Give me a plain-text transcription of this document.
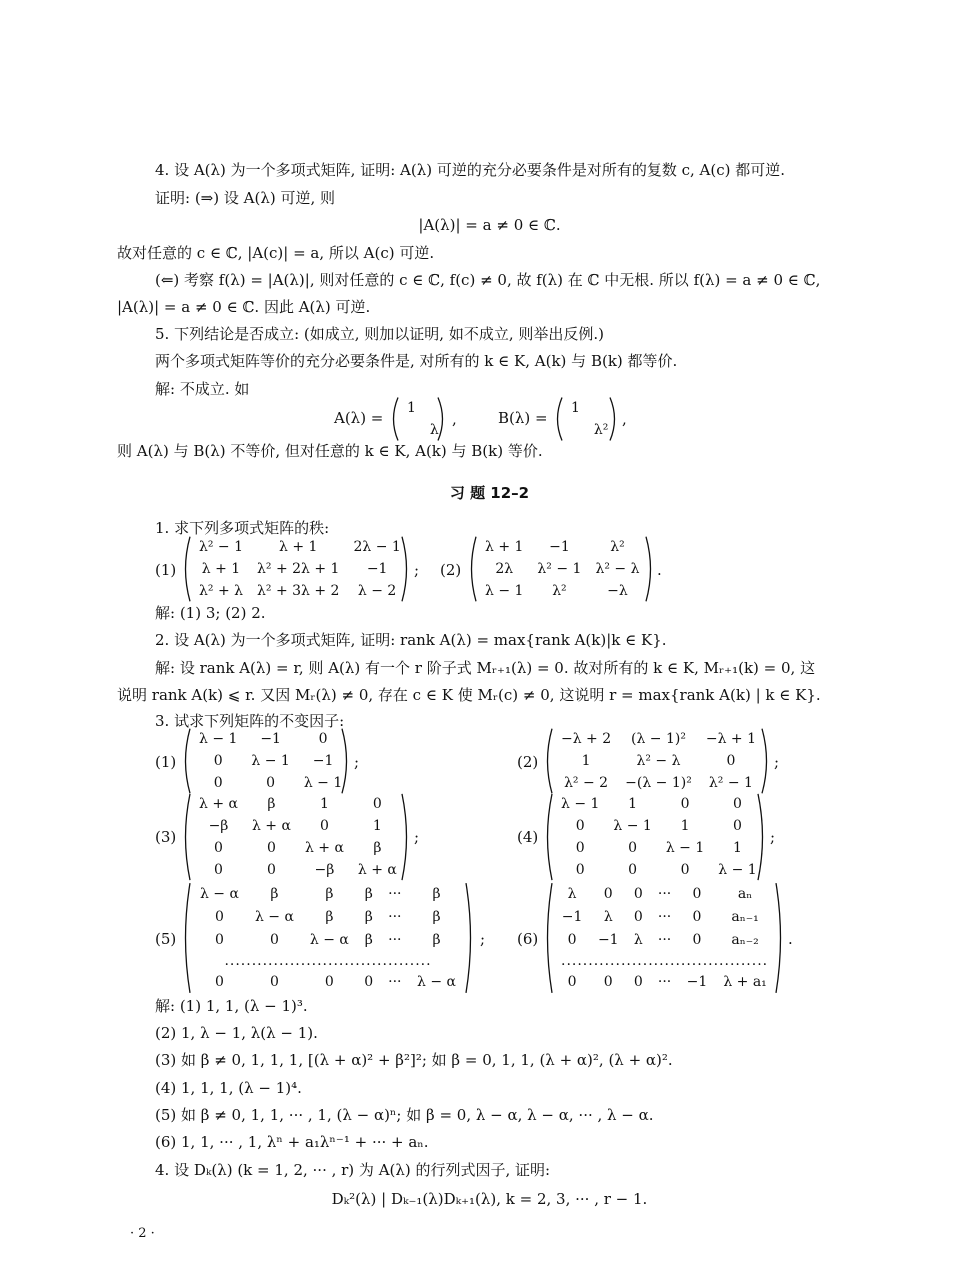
4. 设 A(λ) 为一个多项式矩阵, 证明: A(λ) 可逆的充分必要条件是对所有的复数 c, A(c) 都可逆.
证明: (⇒) 设 A(λ) 可逆, 则
|A(λ)| = a ≠ 0 ∈ ℂ.
故对任意的 c ∈ ℂ, |A(c)| = a, 所以 A(c) 可逆.
(⇐) 考察 f(λ) = |A(λ)|, 则对任意的 c ∈ ℂ, f(c) ≠ 0, 故 f(λ) 在 ℂ 中无根. 所以 f(λ) = a ≠ 0 ∈ ℂ,
|A(λ)| = a ≠ 0 ∈ ℂ. 因此 A(λ) 可逆.
5. 下列结论是否成立: (如成立, 则加以证明, 如不成立, 则举出反例.)
两个多项式矩阵等价的充分必要条件是, 对所有的 k ∈ K, A(k) 与 B(k) 都等价.
解: 不成立. 如
A(λ) =
1	
	λ
,	B(λ) =
1	
	λ²
,
则 A(λ) 与 B(λ) 不等价, 但对任意的 k ∈ K, A(k) 与 B(k) 等价.
习 题 12–2
1. 求下列多项式矩阵的秩:
(1)
λ² − 1	λ + 1	2λ − 1
λ + 1	λ² + 2λ + 1	−1
λ² + λ	λ² + 3λ + 2	λ − 2
; (2)
λ + 1	−1	λ²
2λ	λ² − 1	λ² − λ
λ − 1	λ²	−λ
.
解: (1) 3; (2) 2.
2. 设 A(λ) 为一个多项式矩阵, 证明: rank A(λ) = max{rank A(k)|k ∈ K}.
解: 设 rank A(λ) = r, 则 A(λ) 有一个 r 阶子式 Mᵣ₊₁(λ) = 0. 故对所有的 k ∈ K, Mᵣ₊₁(k) = 0, 这
说明 rank A(k) ⩽ r. 又因 Mᵣ(λ) ≠ 0, 存在 c ∈ K 使 Mᵣ(c) ≠ 0, 这说明 r = max{rank A(k) | k ∈ K}.
3. 试求下列矩阵的不变因子:
(1)
λ − 1	−1	0
0	λ − 1	−1
0	0	λ − 1
;	(2)
−λ + 2	(λ − 1)²	−λ + 1
1	λ² − λ	0
λ² − 2	−(λ − 1)²	λ² − 1
;
(3)
λ + α	β	1	0
−β	λ + α	0	1
0	0	λ + α	β
0	0	−β	λ + α
;	(4)
λ − 1	1	0	0
0	λ − 1	1	0
0	0	λ − 1	1
0	0	0	λ − 1
;
(5)
λ − α	β	β	β	···	β
0	λ − α	β	β	···	β
0	0	λ − α	β	···	β
......................................					
0	0	0	0	···	λ − α
; (6)
λ	0	0	···	0	aₙ
−1	λ	0	···	0	aₙ₋₁
0	−1	λ	···	0	aₙ₋₂
......................................					
0	0	0	···	−1	λ + a₁
.
解: (1) 1, 1, (λ − 1)³.
(2) 1, λ − 1, λ(λ − 1).
(3) 如 β ≠ 0, 1, 1, 1, [(λ + α)² + β²]²; 如 β = 0, 1, 1, (λ + α)², (λ + α)².
(4) 1, 1, 1, (λ − 1)⁴.
(5) 如 β ≠ 0, 1, 1, ··· , 1, (λ − α)ⁿ; 如 β = 0, λ − α, λ − α, ··· , λ − α.
(6) 1, 1, ··· , 1, λⁿ + a₁λⁿ⁻¹ + ··· + aₙ.
4. 设 Dₖ(λ) (k = 1, 2, ··· , r) 为 A(λ) 的行列式因子, 证明:
Dₖ²(λ) | Dₖ₋₁(λ)Dₖ₊₁(λ), k = 2, 3, ··· , r − 1.
· 2 ·
